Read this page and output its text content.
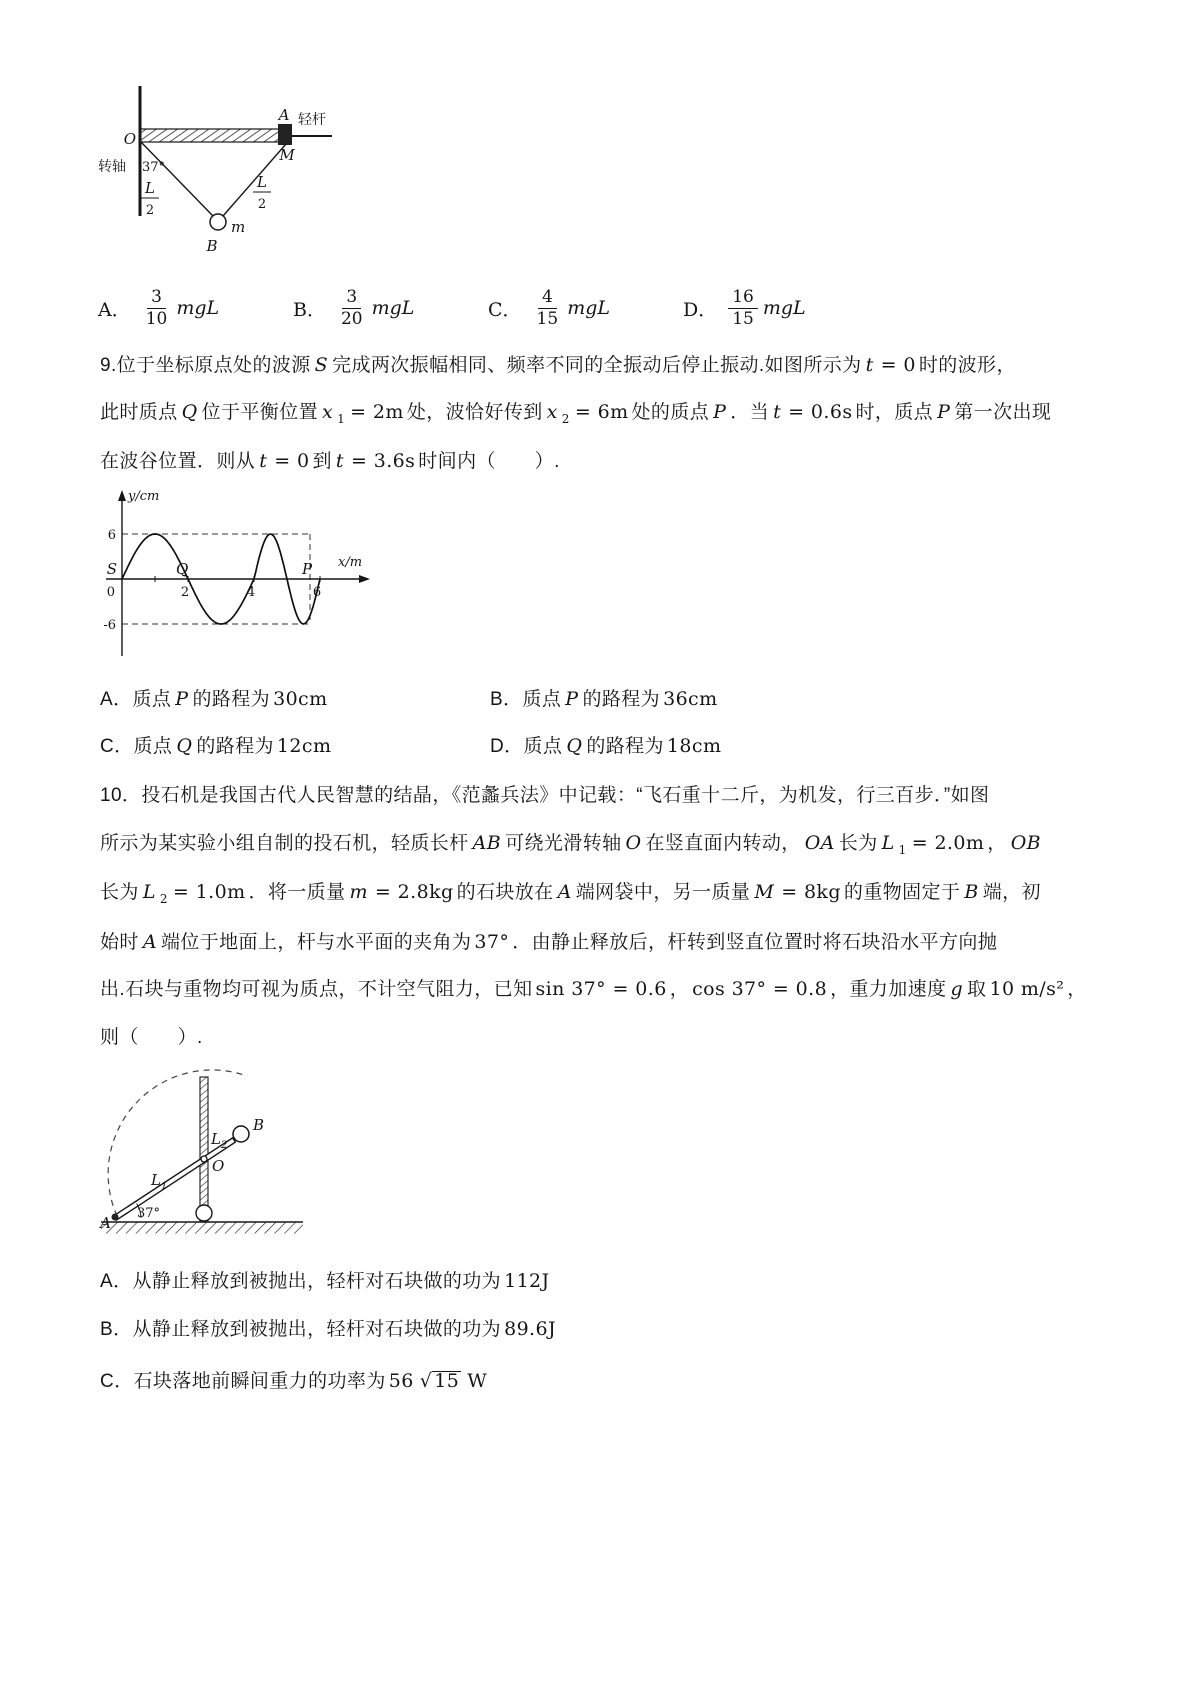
A 轻杆
O
M
转轴 37°
L
2
L
2
B
m
A． $\frac{3}{10}$ mgL	B． $\frac{3}{20}$ mgL	C． $\frac{4}{15}$ mgL	D． $\frac{16}{15}$ mgL
9.位于坐标原点处的波源 S 完成两次振幅相同、频率不同的全振动后停止振动.如图所示为 t = 0 时的波形，
此时质点 Q 位于平衡位置 x $_1$ = 2m 处，波恰好传到 x $_2$ = 6m 处的质点 P ．当 t = 0.6s 时，质点 P 第一次出现
在波谷位置．则从 t = 0 到 t = 3.6s 时间内（　　）.
y/cm
x/m
6
-6
0
S	Q	P
2	4	6
A．质点 P 的路程为 30cm	B．质点 P 的路程为 36cm
C．质点 Q 的路程为 12cm	D．质点 Q 的路程为 18cm
10．投石机是我国古代人民智慧的结晶，《范蠡兵法》中记载：“飞石重十二斤，为机发，行三百步．”如图
所示为某实验小组自制的投石机，轻质长杆 AB 可绕光滑转轴 O 在竖直面内转动， OA 长为 L $_1$ = 2.0m ， OB
长为 L $_2$ = 1.0m ．将一质量 m = 2.8kg 的石块放在 A 端网袋中，另一质量 M = 8kg 的重物固定于 B 端，初
始时 A 端位于地面上，杆与水平面的夹角为 37° ．由静止释放后，杆转到竖直位置时将石块沿水平方向抛
出.石块与重物均可视为质点，不计空气阻力，已知 sin 37° = 0.6 ， cos 37° = 0.8 ，重力加速度 g 取 10 m/s² ，
则（　　）.
B
$L_2$
$L_1$
O
A
37°
A．从静止释放到被抛出，轻杆对石块做的功为 112J
B．从静止释放到被抛出，轻杆对石块做的功为 89.6J
C．石块落地前瞬间重力的功率为 56 √ 15 W
